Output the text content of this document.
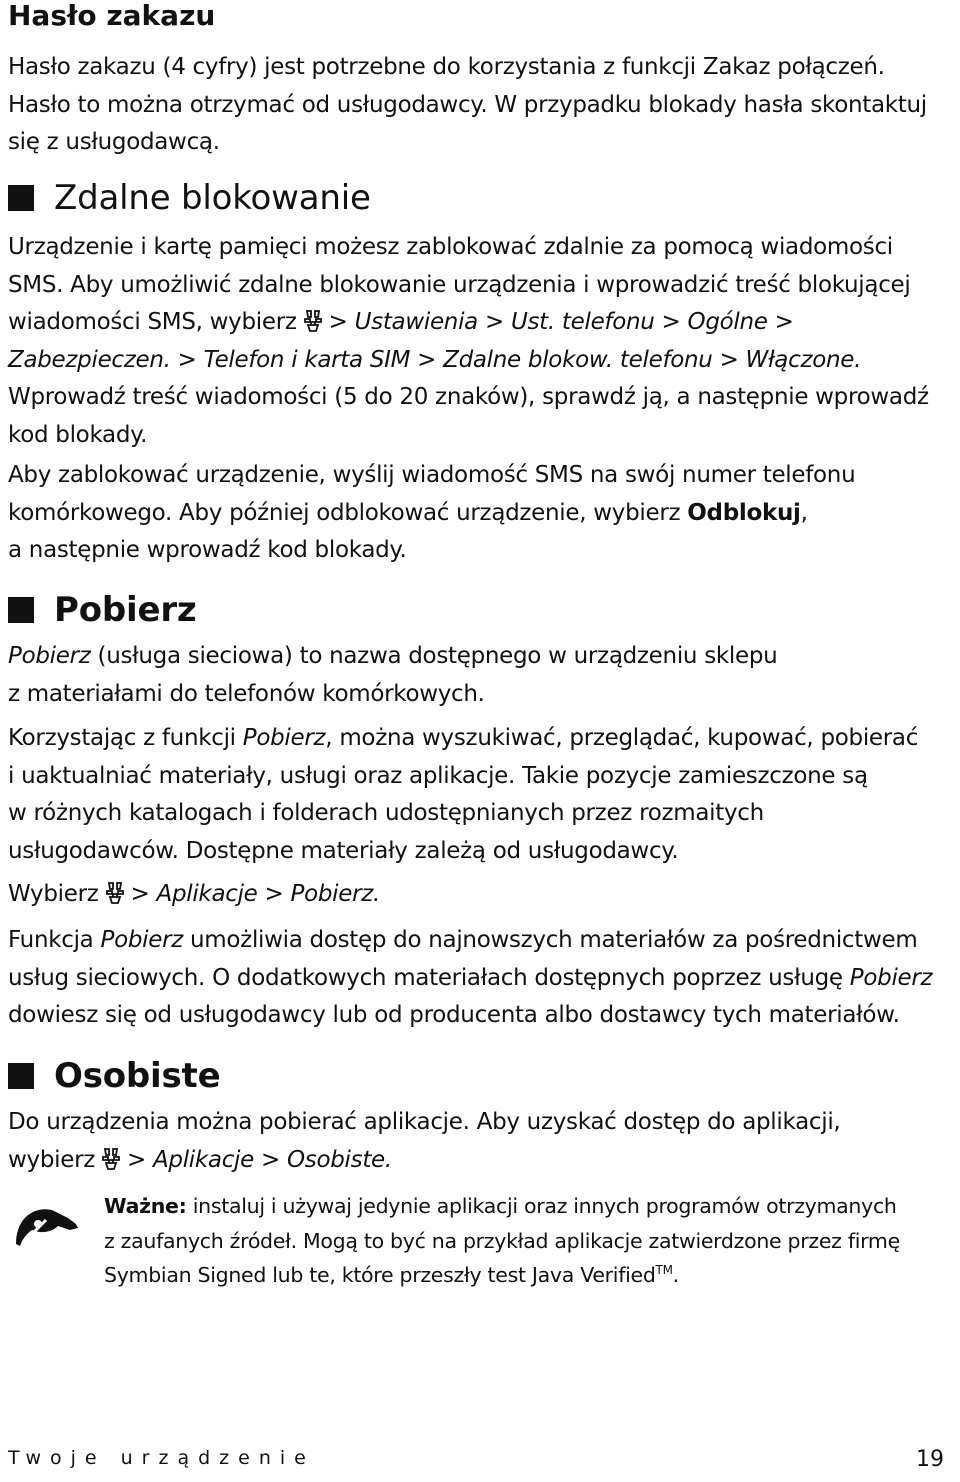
Hasło zakazu

Hasło zakazu (4 cyfry) jest potrzebne do korzystania z funkcji Zakaz połączeń.
Hasło to można otrzymać od usługodawcy. W przypadku blokady hasła skontaktuj
się z usługodawcą.

Zdalne blokowanie

Urządzenie i kartę pamięci możesz zablokować zdalnie za pomocą wiadomości
SMS. Aby umożliwić zdalne blokowanie urządzenia i wprowadzić treść blokującej
wiadomości SMS, wybierz > Ustawienia > Ust. telefonu > Ogólne >
Zabezpieczen. > Telefon i karta SIM > Zdalne blokow. telefonu > Włączone.
Wprowadź treść wiadomości (5 do 20 znaków), sprawdź ją, a następnie wprowadź
kod blokady.

Aby zablokować urządzenie, wyślij wiadomość SMS na swój numer telefonu
komórkowego. Aby później odblokować urządzenie, wybierz Odblokuj,
a następnie wprowadź kod blokady.

Pobierz

Pobierz (usługa sieciowa) to nazwa dostępnego w urządzeniu sklepu
z materiałami do telefonów komórkowych.

Korzystając z funkcji Pobierz, można wyszukiwać, przeglądać, kupować, pobierać
i uaktualniać materiały, usługi oraz aplikacje. Takie pozycje zamieszczone są
w różnych katalogach i folderach udostępnianych przez rozmaitych
usługodawców. Dostępne materiały zależą od usługodawcy.

Wybierz > Aplikacje > Pobierz.

Funkcja Pobierz umożliwia dostęp do najnowszych materiałów za pośrednictwem
usług sieciowych. O dodatkowych materiałach dostępnych poprzez usługę Pobierz
dowiesz się od usługodawcy lub od producenta albo dostawcy tych materiałów.

Osobiste

Do urządzenia można pobierać aplikacje. Aby uzyskać dostęp do aplikacji,
wybierz > Aplikacje > Osobiste.

Ważne: instaluj i używaj jedynie aplikacji oraz innych programów otrzymanych
z zaufanych źródeł. Mogą to być na przykład aplikacje zatwierdzone przez firmę
Symbian Signed lub te, które przeszły test Java Verified™.

Twoje urządzenie	19
